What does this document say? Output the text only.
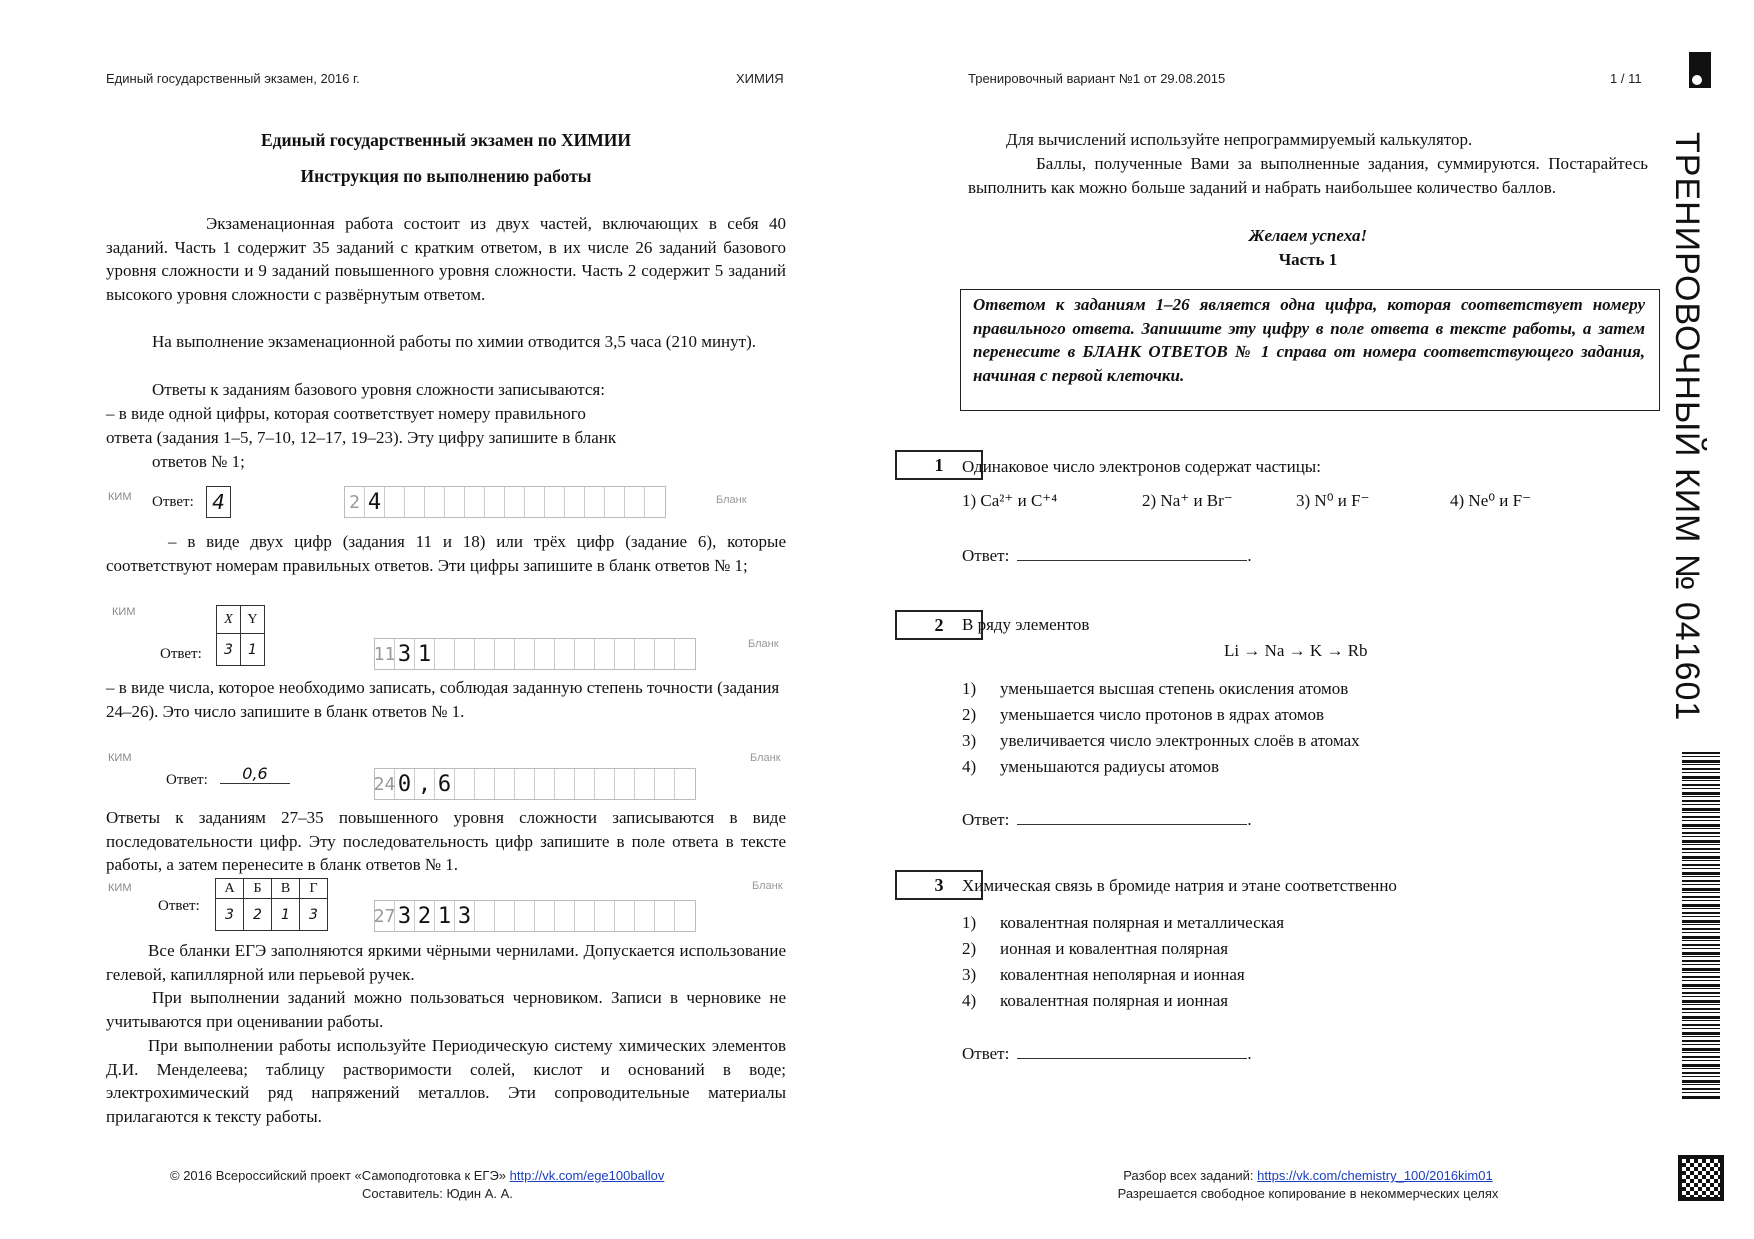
Единый государственный экзамен, 2016 г.	ХИМИЯ	Тренировочный вариант №1 от 29.08.2015	1 / 11
ТРЕНИРОВОЧНЫЙ КИМ № 041601
Единый государственный экзамен по ХИМИИ
Инструкция по выполнению работы
Экзаменационная работа состоит из двух частей, включающих в себя 40 заданий. Часть 1 содержит 35 заданий с кратким ответом, в их числе 26 заданий базового уровня сложности и 9 заданий повышенного уровня сложности. Часть 2 содержит 5 заданий высокого уровня сложности с развёрнутым ответом.
На выполнение экзаменационной работы по химии отводится 3,5 часа (210 минут).
Ответы к заданиям базового уровня сложности записываются:
– в виде одной цифры, которая соответствует номеру правильного
ответа (задания 1–5, 7–10, 12–17, 19–23). Эту цифру запишите в бланк
ответов № 1;
КИМ Ответ: 4	2 4	Бланк
– в виде двух цифр (задания 11 и 18) или трёх цифр (задание 6), которые соответствуют номерам правильных ответов. Эти цифры запишите в бланк ответов № 1;
КИМ	X	Y
3	1
Ответ:	11 3 1	Бланк
– в виде числа, которое необходимо записать, соблюдая заданную степень точности (задания 24–26). Это число запишите в бланк ответов № 1.
КИМ
Ответ:	0,6	24 0 , 6
Бланк
Ответы к заданиям 27–35 повышенного уровня сложности записываются в виде последовательности цифр. Эту последовательность цифр запишите в поле ответа в тексте работы, а затем перенесите в бланк ответов № 1.
КИМ
Ответ:
А	Б	В	Г
3	2	1	3	27 3 2 1 3
Бланк
Все бланки ЕГЭ заполняются яркими чёрными чернилами. Допускается использование гелевой, капиллярной или перьевой ручек.
При выполнении заданий можно пользоваться черновиком. Записи в черновике не учитываются при оценивании работы.
При выполнении работы используйте Периодическую систему химических элементов Д.И. Менделеева; таблицу растворимости солей, кислот и оснований в воде; электрохимический ряд напряжений металлов. Эти сопроводительные материалы прилагаются к тексту работы.
© 2016 Всероссийский проект «Самоподготовка к ЕГЭ» http://vk.com/ege100ballov
Составитель: Юдин А. А.
Для вычислений используйте непрограммируемый калькулятор.
Баллы, полученные Вами за выполненные задания, суммируются. Постарайтесь выполнить как можно больше заданий и набрать наибольшее количество баллов.
Желаем успеха!
Часть 1
Ответом к заданиям 1–26 является одна цифра, которая соответствует номеру правильного ответа. Запишите эту цифру в поле ответа в тексте работы, а затем перенесите в БЛАНК ОТВЕТОВ № 1 справа от номера соответствующего задания, начиная с первой клеточки.
1	Одинаковое число электронов содержат частицы:
1) Ca²⁺ и C⁺⁴	2) Na⁺ и Br⁻	3) N⁰ и F⁻	4) Ne⁰ и F⁻
Ответ:	.
2	В ряду элементов
Li → Na → K → Rb
1) уменьшается высшая степень окисления атомов
2) уменьшается число протонов в ядрах атомов
3) увеличивается число электронных слоёв в атомах
4) уменьшаются радиусы атомов
Ответ:	.
3	Химическая связь в бромиде натрия и этане соответственно
1) ковалентная полярная и металлическая
2) ионная и ковалентная полярная
3) ковалентная неполярная и ионная
4) ковалентная полярная и ионная
Ответ:	.
Разбор всех заданий: https://vk.com/chemistry_100/2016kim01
Разрешается свободное копирование в некоммерческих целях
